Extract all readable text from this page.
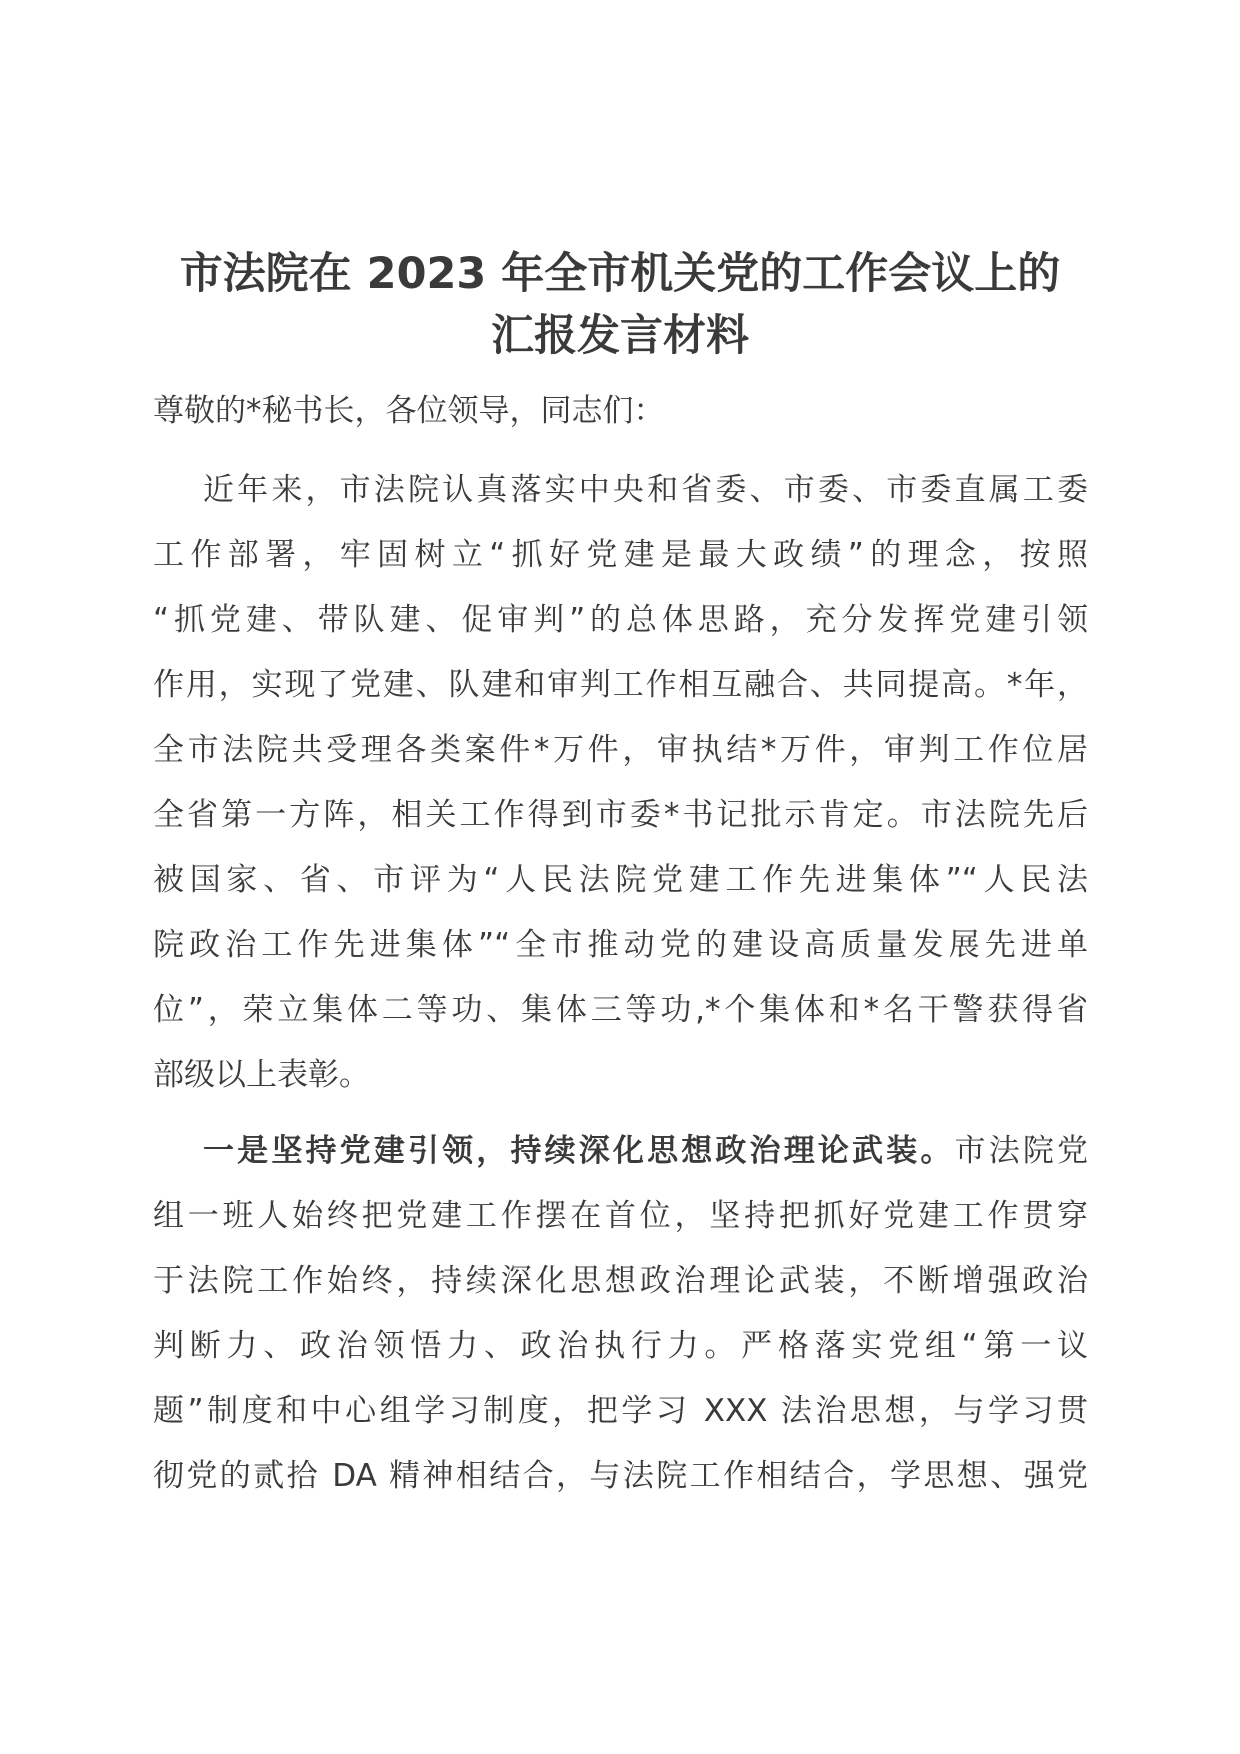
市法院在 2023 年全市机关党的工作会议上的
汇报发言材料
尊敬的*秘书长，各位领导，同志们：
近年来，市法院认真落实中央和省委、市委、市委直属工委
工作部署，牢固树立“抓好党建是最大政绩”的理念，按照
“抓党建、带队建、促审判”的总体思路，充分发挥党建引领
作用，实现了党建、队建和审判工作相互融合、共同提高。*年，
全市法院共受理各类案件*万件，审执结*万件，审判工作位居
全省第一方阵，相关工作得到市委*书记批示肯定。市法院先后
被国家、省、市评为“人民法院党建工作先进集体”“人民法
院政治工作先进集体”“全市推动党的建设高质量发展先进单
位”，荣立集体二等功、集体三等功,*个集体和*名干警获得省
部级以上表彰。
一是坚持党建引领，持续深化思想政治理论武装。市法院党
组一班人始终把党建工作摆在首位，坚持把抓好党建工作贯穿
于法院工作始终，持续深化思想政治理论武装，不断增强政治
判断力、政治领悟力、政治执行力。严格落实党组“第一议
题”制度和中心组学习制度，把学习 XXX 法治思想，与学习贯
彻党的贰拾 DA 精神相结合，与法院工作相结合，学思想、强党
